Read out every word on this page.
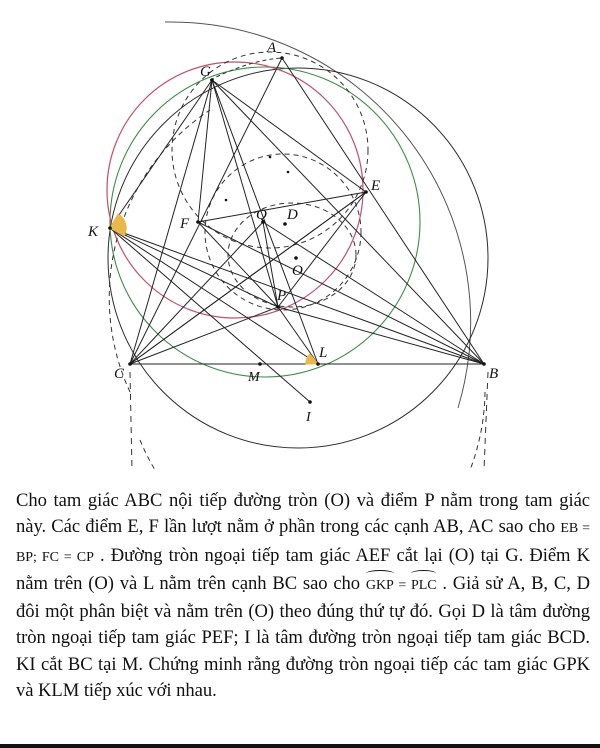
A
G
E
K	F
Q D
O
P
L
C	M	B
I
Cho tam giác ABC nội tiếp đường tròn (O) và điểm P nằm trong tam giác này. Các điểm E, F lần lượt nằm ở phần trong các cạnh AB, AC sao cho EB = BP; FC = CP . Đường tròn ngoại tiếp tam giác AEF cắt lại (O) tại G. Điểm K nằm trên (O) và L nằm trên cạnh BC sao cho GKP = PLC . Giả sử A, B, C, D đôi một phân biệt và nằm trên (O) theo đúng thứ tự đó. Gọi D là tâm đường tròn ngoại tiếp tam giác PEF; I là tâm đường tròn ngoại tiếp tam giác BCD. KI cắt BC tại M. Chứng minh rằng đường tròn ngoại tiếp các tam giác GPK và KLM tiếp xúc với nhau.
